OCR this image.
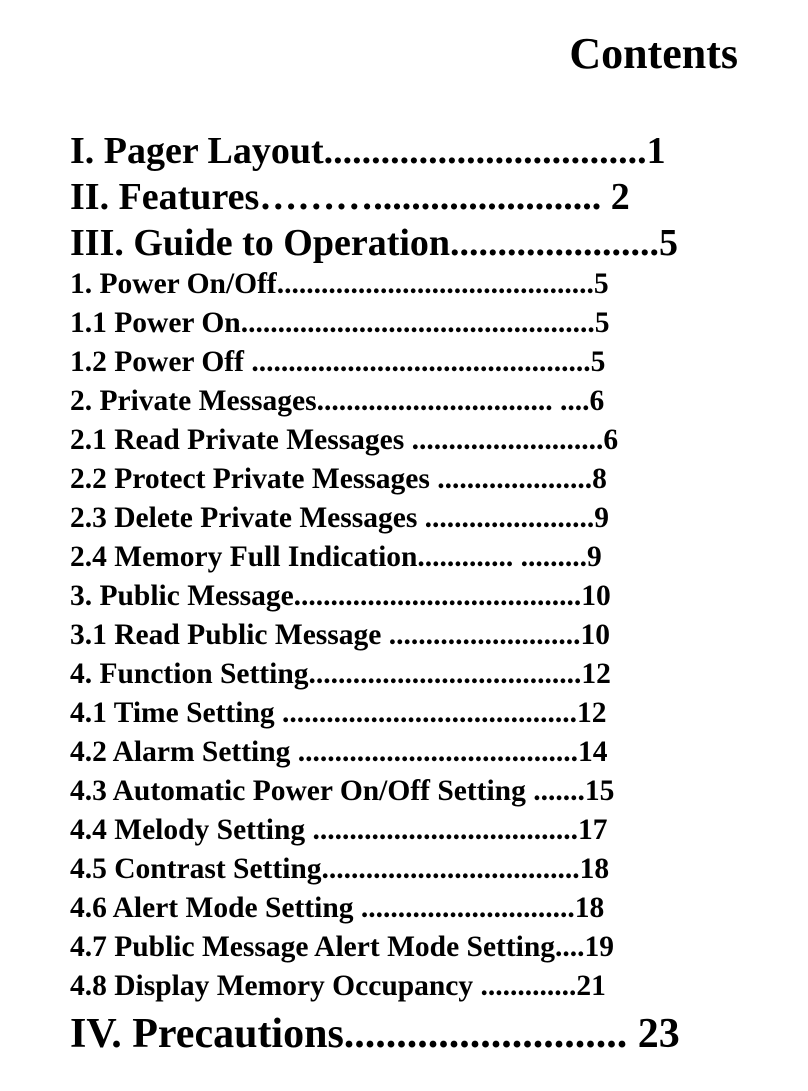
Contents
I. Pager Layout..................................1
II. Features………........................ 2
III. Guide to Operation......................5
1. Power On/Off...........................................5
1.1 Power On................................................5
1.2 Power Off ..............................................5
2. Private Messages................................ ....6
2.1 Read Private Messages ..........................6
2.2 Protect Private Messages .....................8
2.3 Delete Private Messages .......................9
2.4 Memory Full Indication............. .........9
3. Public Message.......................................10
3.1 Read Public Message ..........................10
4. Function Setting.....................................12
4.1 Time Setting ........................................12
4.2 Alarm Setting ......................................14
4.3 Automatic Power On/Off Setting .......15
4.4 Melody Setting ....................................17
4.5 Contrast Setting...................................18
4.6 Alert Mode Setting .............................18
4.7 Public Message Alert Mode Setting....19
4.8 Display Memory Occupancy .............21
IV. Precautions........................... 23
